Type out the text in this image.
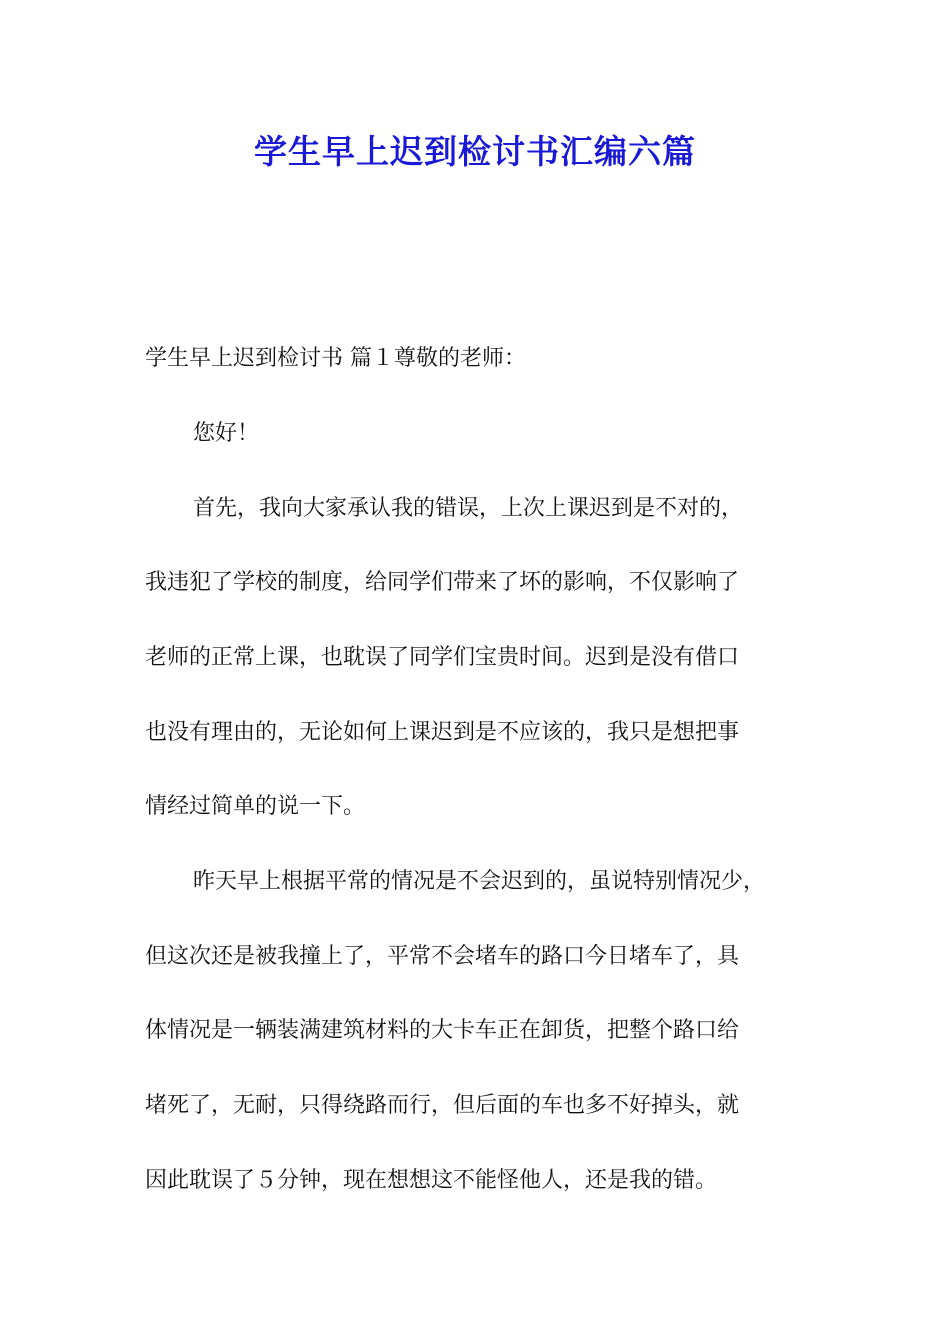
学生早上迟到检讨书汇编六篇

学生早上迟到检讨书 篇１尊敬的老师：

您好！

首先，我向大家承认我的错误，上次上课迟到是不对的，

我违犯了学校的制度，给同学们带来了坏的影响，不仅影响了

老师的正常上课，也耽误了同学们宝贵时间。迟到是没有借口

也没有理由的，无论如何上课迟到是不应该的，我只是想把事

情经过简单的说一下。

昨天早上根据平常的情况是不会迟到的，虽说特别情况少，

但这次还是被我撞上了，平常不会堵车的路口今日堵车了，具

体情况是一辆装满建筑材料的大卡车正在卸货，把整个路口给

堵死了，无耐，只得绕路而行，但后面的车也多不好掉头，就

因此耽误了５分钟，现在想想这不能怪他人，还是我的错。
